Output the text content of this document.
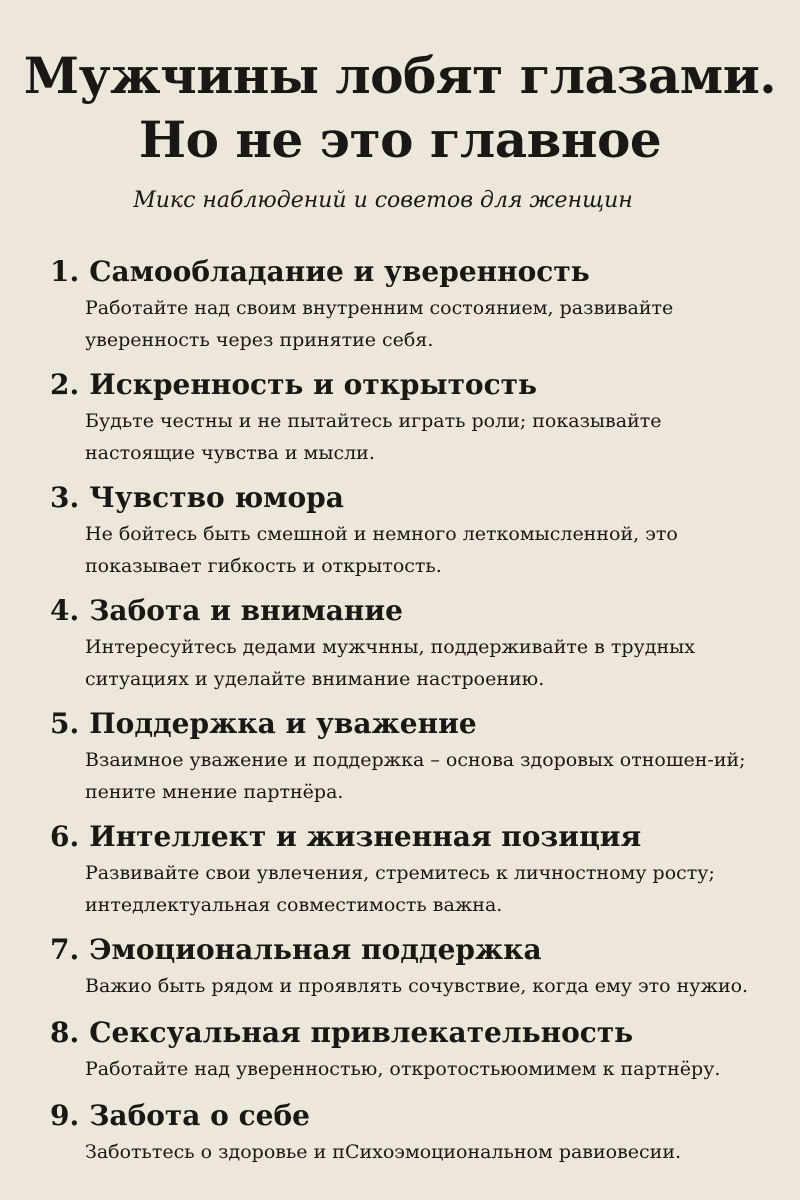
Мужчины лобят глазами.
Но не это главное
Микс наблюдений и советов для женщин
1. Самообладание и уверенность
Работайте над своим внутренним состоянием, развивайте уверенность через принятие себя.
2. Искренность и открытость
Будьте честны и не пытайтесь играть роли; показывайте настоящие чувства и мысли.
3. Чувство юмора
Не бойтесь быть смешной и немного леткомысленной, это показывает гибкость и открытость.
4. Забота и внимание
Интересуйтесь дедами мужчнны, поддерживайте в трудных ситуациях и уделайте внимание настроению.
5. Поддержка и уважение
Взаимное уважение и поддержка – основа здоровых отношен-ий; пените мнение партнёра.
6. Интеллект и жизненная позиция
Развивайте свои увлечения, стремитесь к личностному росту; интедлектуальная совместимость важна.
7. Эмоциональная поддержка
Важио быть рядом и проявлять сочувствие, когда ему это нужио.
8. Сексуальная привлекательность
Работайте над уверенностью, откротостьюомимем к партнёру.
9. Забота о себе
Заботьтесь о здоровье и пСихоэмоциональном равиовесии.
